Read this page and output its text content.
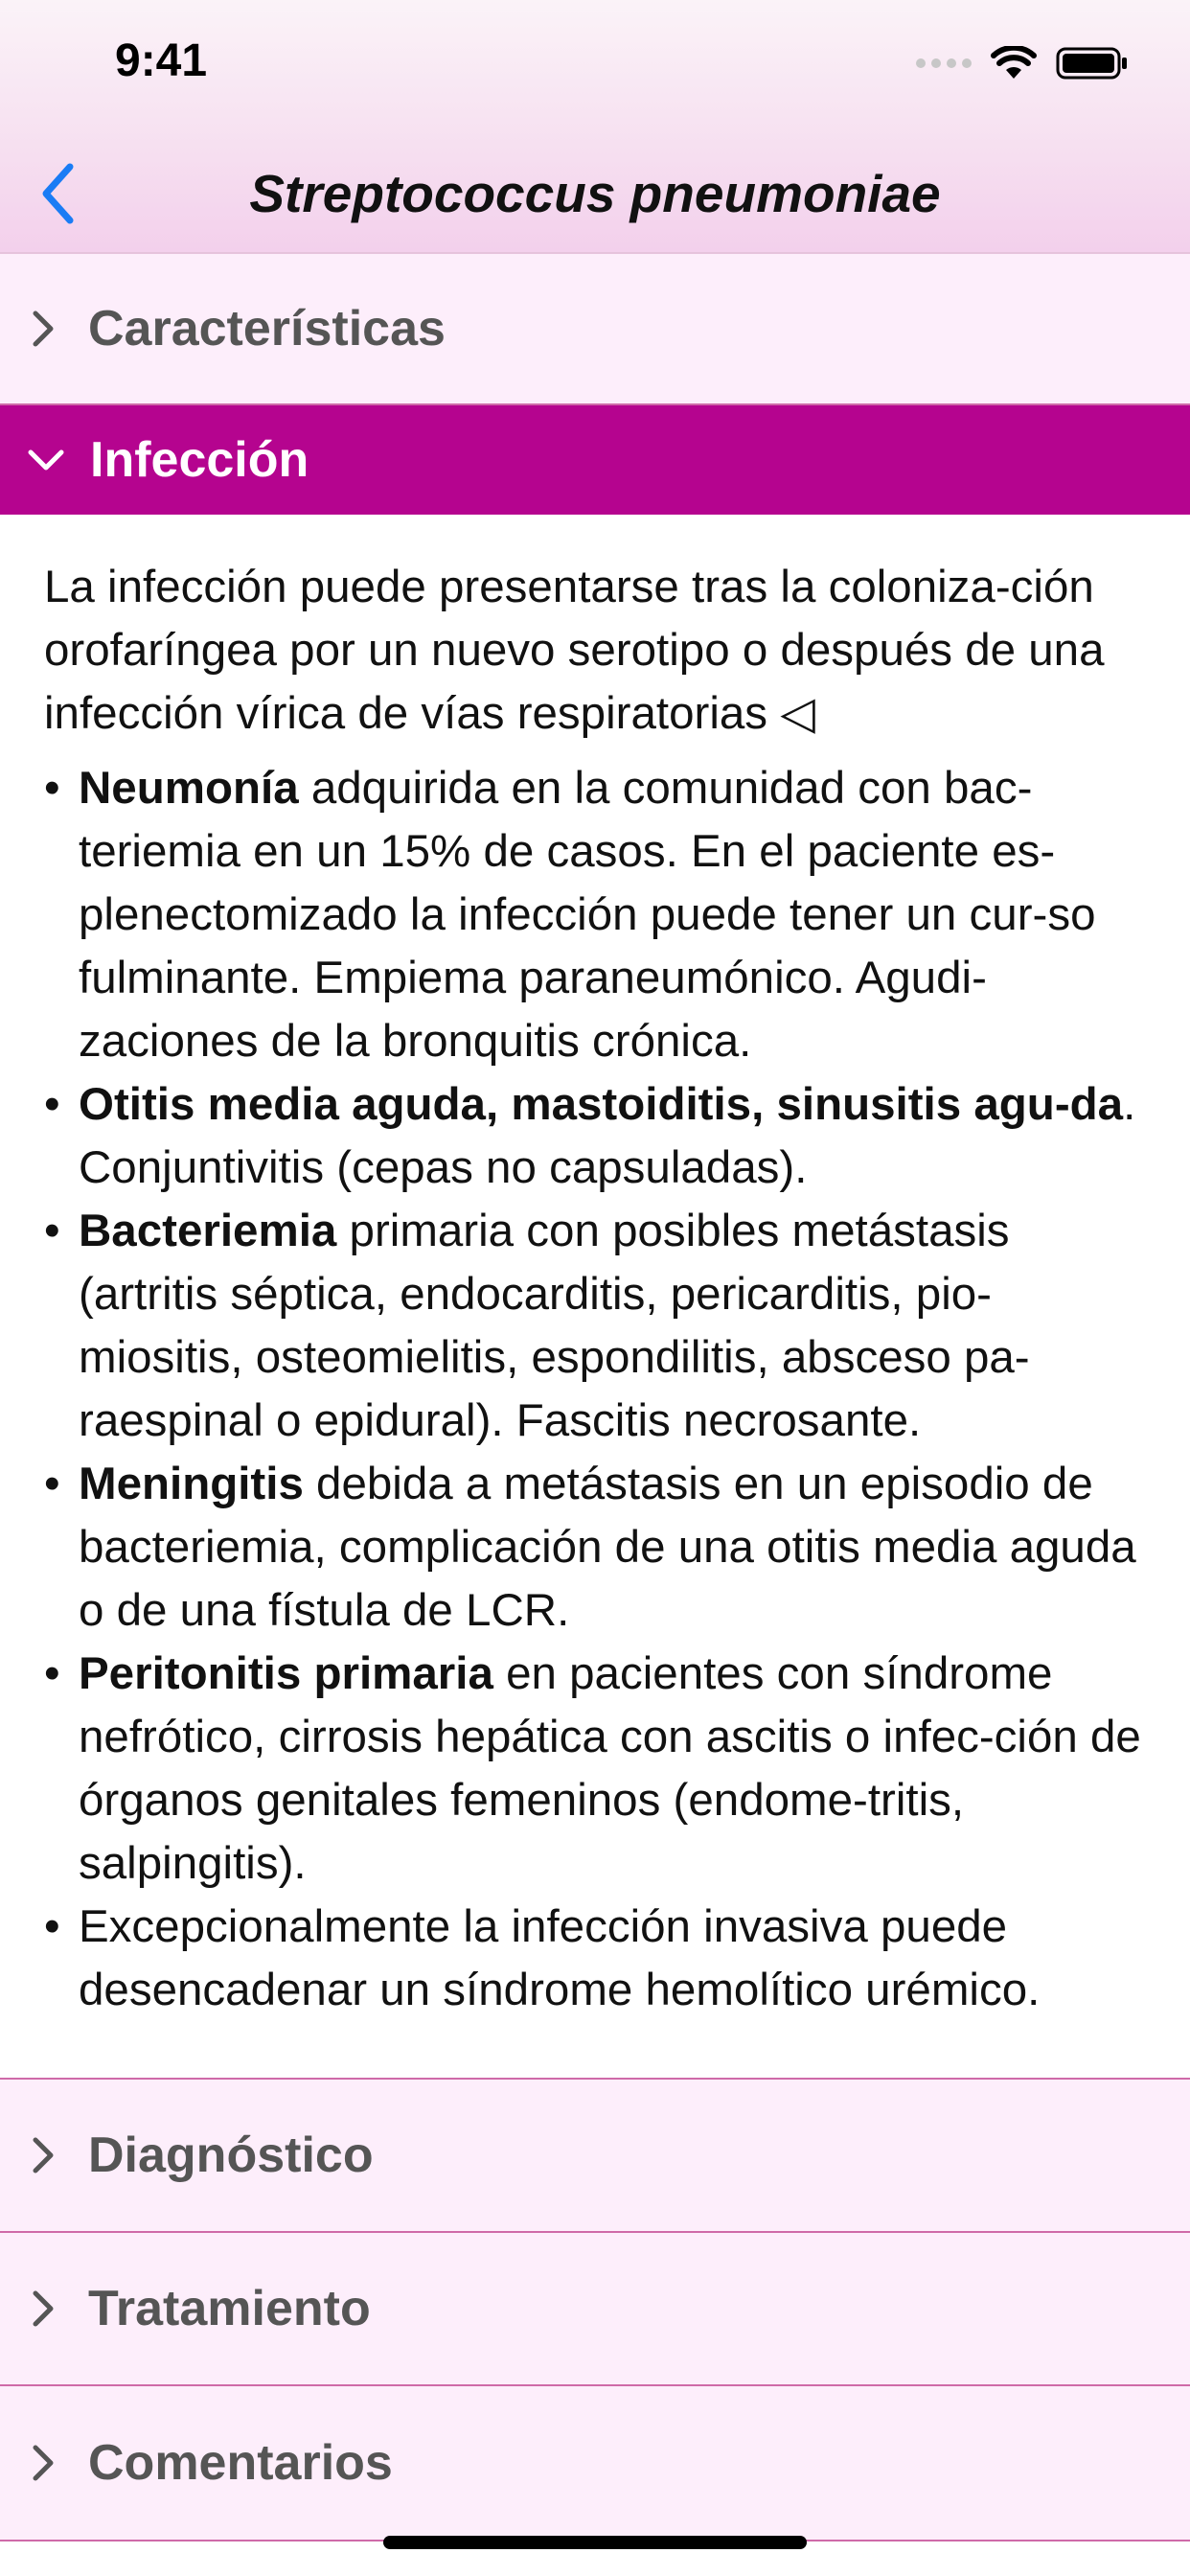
9:41
Streptococcus pneumoniae
Características
Infección

La infección puede presentarse tras la coloniza-ción orofaríngea por un nuevo serotipo o después de una infección vírica de vías respiratorias ◁

• Neumonía adquirida en la comunidad con bac-teriemia en un 15% de casos. En el paciente es-plenectomizado la infección puede tener un cur-so fulminante. Empiema paraneumónico. Agudi-zaciones de la bronquitis crónica.
• Otitis media aguda, mastoiditis, sinusitis agu-da. Conjuntivitis (cepas no capsuladas).
• Bacteriemia primaria con posibles metástasis (artritis séptica, endocarditis, pericarditis, pio-miositis, osteomielitis, espondilitis, absceso pa-raespinal o epidural). Fascitis necrosante.
• Meningitis debida a metástasis en un episodio de bacteriemia, complicación de una otitis media aguda o de una fístula de LCR.
• Peritonitis primaria en pacientes con síndrome nefrótico, cirrosis hepática con ascitis o infec-ción de órganos genitales femeninos (endome-tritis, salpingitis).
• Excepcionalmente la infección invasiva puede desencadenar un síndrome hemolítico urémico.
Diagnóstico
Tratamiento
Comentarios
